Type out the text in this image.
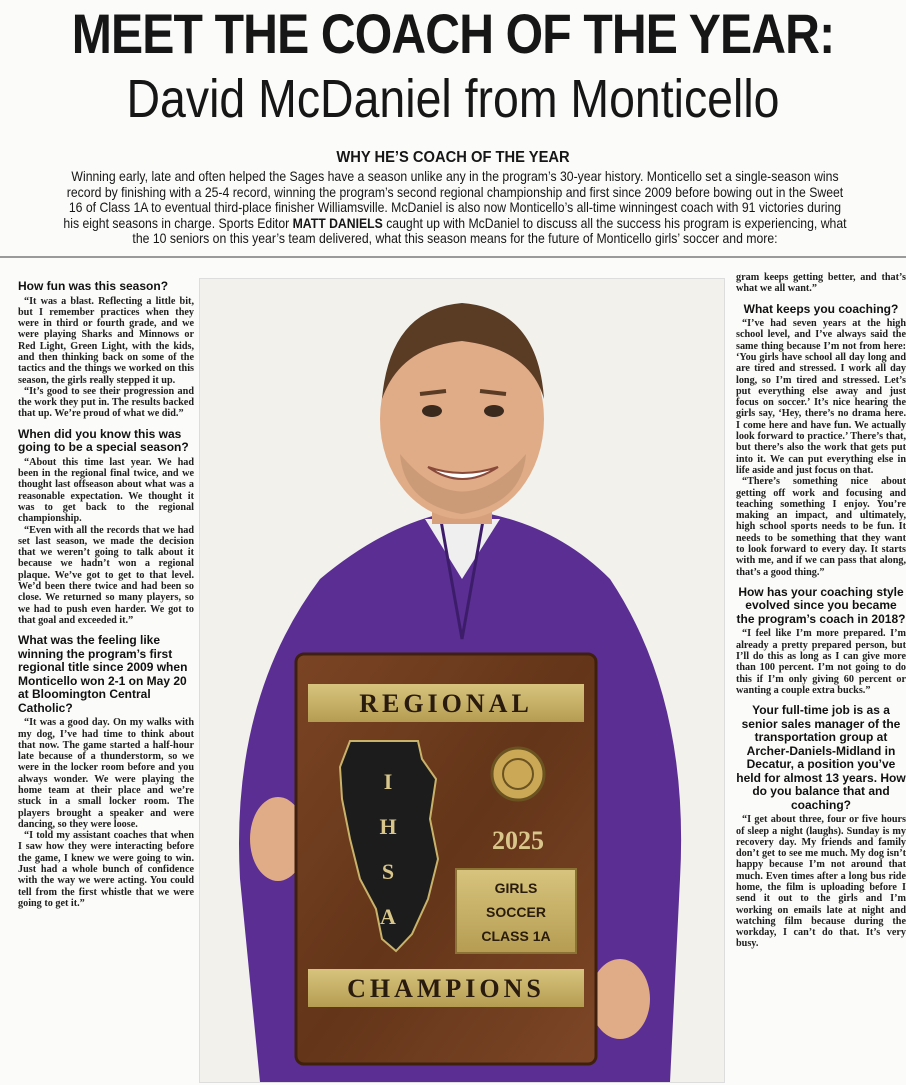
MEET THE COACH OF THE YEAR:
David McDaniel from Monticello
WHY HE’S COACH OF THE YEAR
Winning early, late and often helped the Sages have a season unlike any in the program’s 30-year history. Monticello set a single-season wins record by finishing with a 25-4 record, winning the program’s second regional championship and first since 2009 before bowing out in the Sweet 16 of Class 1A to eventual third-place finisher Williamsville. McDaniel is also now Monticello’s all-time winningest coach with 91 victories during his eight seasons in charge. Sports Editor MATT DANIELS caught up with McDaniel to discuss all the success his program is experiencing, what the 10 seniors on this year’s team delivered, what this season means for the future of Monticello girls’ soccer and more:
How fun was this season?

“It was a blast. Reflecting a little bit, but I remember practices when they were in third or fourth grade, and we were playing Sharks and Minnows or Red Light, Green Light, with the kids, and then thinking back on some of the tactics and the things we worked on this season, the girls really stepped it up.

“It’s good to see their progression and the work they put in. The results backed that up. We’re proud of what we did.”

When did you know this was going to be a special season?

“About this time last year. We had been in the regional final twice, and we thought last offseason about what was a reasonable expectation. We thought it was to get back to the regional championship.

“Even with all the records that we had set last season, we made the decision that we weren’t going to talk about it because we hadn’t won a regional plaque. We’ve got to get to that level. We’d been there twice and had been so close. We returned so many players, so we had to push even harder. We got to that goal and exceeded it.”

What was the feeling like winning the program’s first regional title since 2009 when Monticello won 2-1 on May 20 at Bloomington Central Catholic?

“It was a good day. On my walks with my dog, I’ve had time to think about that now. The game started a half-hour late because of a thunderstorm, so we were in the locker room before and you always wonder. We were playing the home team at their place and we’re stuck in a small locker room. The players brought a speaker and were dancing, so they were loose.

“I told my assistant coaches that when I saw how they were interacting before the game, I knew we were going to win. Just had a whole bunch of confidence with the way we were acting. You could tell from the first whistle that we were going to get it.”

REGIONAL
CHAMPIONS
I
H
S
A
2025
GIRLS
SOCCER
CLASS 1A

gram keeps getting better, and that’s what we all want.”

What keeps you coaching?

“I’ve had seven years at the high school level, and I’ve always said the same thing because I’m not from here: ‘You girls have school all day long and are tired and stressed. I work all day long, so I’m tired and stressed. Let’s put everything else away and just focus on soccer.’ It’s nice hearing the girls say, ‘Hey, there’s no drama here. I come here and have fun. We actually look forward to practice.’ There’s that, but there’s also the work that gets put into it. We can put everything else in life aside and just focus on that.

“There’s something nice about getting off work and focusing and teaching something I enjoy. You’re making an impact, and ultimately, high school sports needs to be fun. It needs to be something that they want to look forward to every day. It starts with me, and if we can pass that along, that’s a good thing.”

How has your coaching style evolved since you became the program’s coach in 2018?

“I feel like I’m more prepared. I’m already a pretty prepared person, but I’ll do this as long as I can give more than 100 percent. I’m not going to do this if I’m only giving 60 percent or wanting a couple extra bucks.”

Your full-time job is as a senior sales manager of the transportation group at Archer-Daniels-Midland in Decatur, a position you’ve held for almost 13 years. How do you balance that and coaching?

“I get about three, four or five hours of sleep a night (laughs). Sunday is my recovery day. My friends and family don’t get to see me much. My dog isn’t happy because I’m not around that much. Even times after a long bus ride home, the film is uploading before I send it out to the girls and I’m working on emails late at night and watching film because during the workday, I can’t do that. It’s very busy.
